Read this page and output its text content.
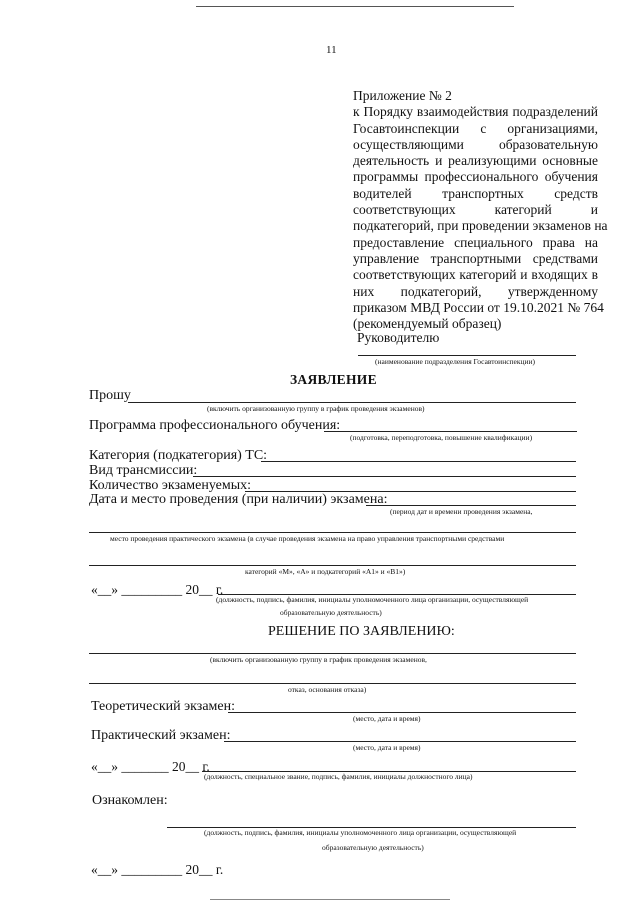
11
Приложение № 2
к Порядку взаимодействия подразделений
Госавтоинспекции с организациями,
осуществляющими образовательную
деятельность и реализующими основные
программы профессионального обучения
водителей транспортных средств
соответствующих категорий и
подкатегорий, при проведении экзаменов на
предоставление специального права на
управление транспортными средствами
соответствующих категорий и входящих в
них подкатегорий, утвержденному
приказом МВД России от 19.10.2021 № 764
(рекомендуемый образец)
Руководителю
(наименование подразделения Госавтоинспекции)
ЗАЯВЛЕНИЕ
Прошу
(включить организованную группу в график проведения экзаменов)
Программа профессионального обучения:
(подготовка, переподготовка, повышение квалификации)
Категория (подкатегория) ТС:
Вид трансмиссии:
Количество экзаменуемых:
Дата и место проведения (при наличии) экзамена:
(период дат и времени проведения экзамена,
место проведения практического экзамена (в случае проведения экзамена на право управления транспортными средствами
категорий «М», «А» и подкатегорий «А1» и «В1»)
«__» _________ 20__ г.
(должность, подпись, фамилия, инициалы уполномоченного лица организации, осуществляющей
образовательную деятельность)
РЕШЕНИЕ ПО ЗАЯВЛЕНИЮ:
(включить организованную группу в график проведения экзаменов,
отказ, основания отказа)
Теоретический экзамен:
(место, дата и время)
Практический экзамен:
(место, дата и время)
«__» _______ 20__ г.
(должность, специальное звание, подпись, фамилия, инициалы должностного лица)
Ознакомлен:
(должность, подпись, фамилия, инициалы уполномоченного лица организации, осуществляющей
образовательную деятельность)
«__» _________ 20__ г.
